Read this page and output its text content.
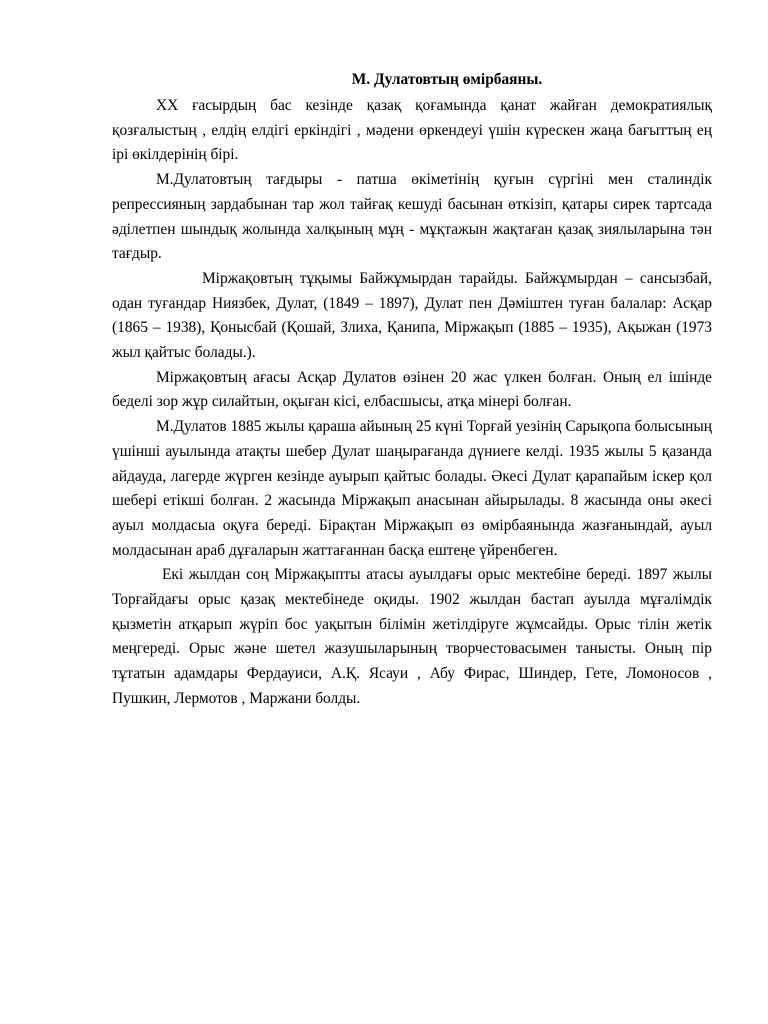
М. Дулатовтың өмірбаяны.

ХХ ғасырдың бас кезінде қазақ қоғамында қанат жайған демократиялық қозғалыстың , елдің елдігі еркіндігі , мәдени өркендеуі үшін күрескен жаңа бағыттың ең ірі өкілдерінің бірі.

М.Дулатовтың тағдыры - патша өкіметінің қуғын сүргіні мен сталиндік репрессияның зардабынан тар жол тайғақ кешуді басынан өткізіп, қатары сирек тартсада әділетпен шындық жолында халқының мұң - мұқтажын жақтаған қазақ зиялыларына тән тағдыр.

Міржақовтың тұқымы Байжұмырдан тарайды. Байжұмырдан – сансызбай, одан туғандар Ниязбек, Дулат, (1849 – 1897), Дулат пен Дәміштен туған балалар: Асқар (1865 – 1938), Қонысбай (Қошай, Злиха, Қанипа, Міржақып (1885 – 1935), Ақыжан (1973 жыл қайтыс болады.).

Міржақовтың ағасы Асқар Дулатов өзінен 20 жас үлкен болған. Оның ел ішінде беделі зор жұр силайтын, оқыған кісі, елбасшысы, атқа мінері болған.

М.Дулатов 1885 жылы қараша айының 25 күні Торғай уезінің Сарықопа болысының үшінші ауылында атақты шебер Дулат шаңырағанда дүниеге келді. 1935 жылы 5 қазанда айдауда, лагерде жүрген кезінде ауырып қайтыс болады. Әкесі Дулат қарапайым іскер қол шебері етікші болған. 2 жасында Міржақып анасынан айырылады. 8 жасында оны әкесі ауыл молдасыа оқуға береді. Бірақтан Міржақып өз өмірбаянында жазғанындай, ауыл молдасынан араб дұғаларын жаттағаннан басқа ештеңе үйренбеген.

Екі жылдан соң Міржақыпты атасы ауылдағы орыс мектебіне береді. 1897 жылы Торғайдағы орыс қазақ мектебінеде оқиды. 1902 жылдан бастап ауылда мұғалімдік қызметін атқарып жүріп бос уақытын білімін жетілдіруге жұмсайды. Орыс тілін жетік меңгереді. Орыс және шетел жазушыларының творчестовасымен танысты. Оның пір тұтатын адамдары Фердауиси, А.Қ. Ясауи , Абу Фирас, Шиндер, Гете, Ломоносов , Пушкин, Лермотов , Маржани болды.
